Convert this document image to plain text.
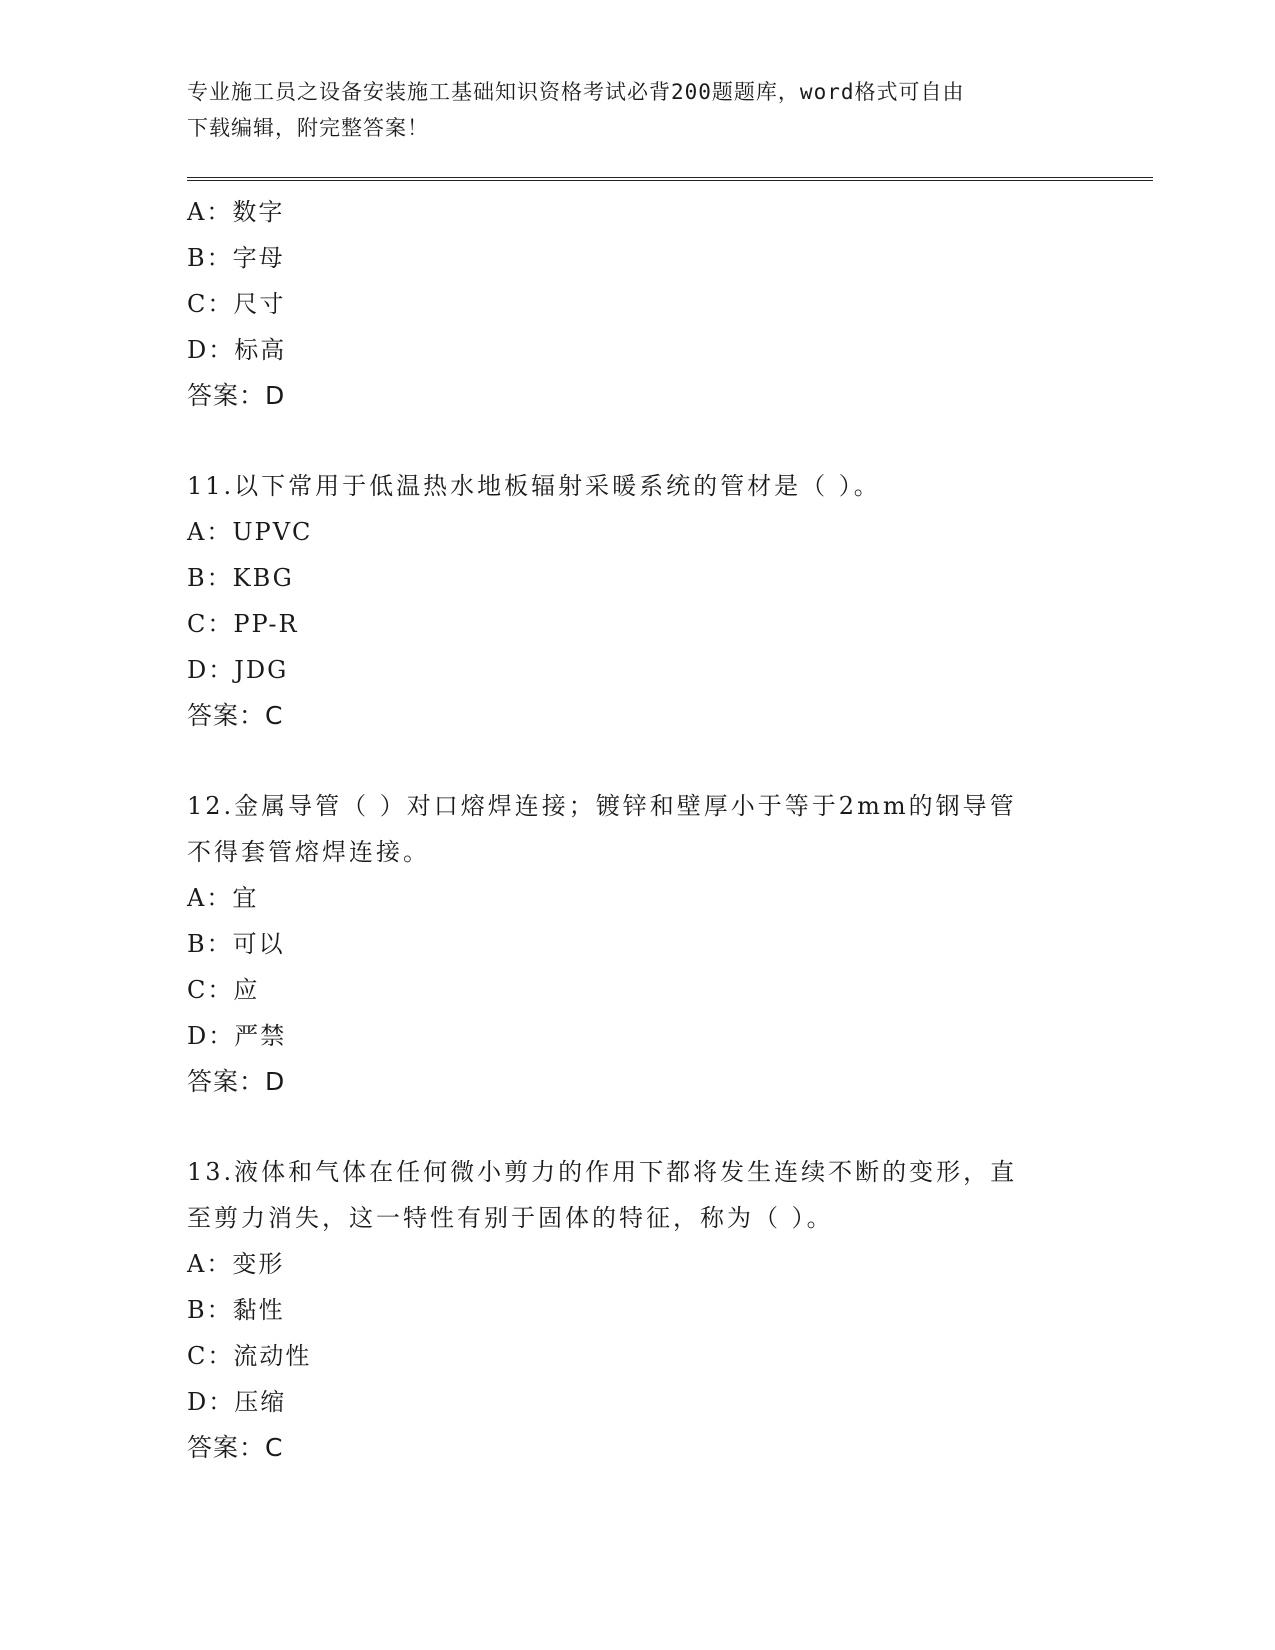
专业施工员之设备安装施工基础知识资格考试必背200题题库，word格式可自由
下载编辑，附完整答案！
A：数字
B：字母
C：尺寸
D：标高
答案：D
11.以下常用于低温热水地板辐射采暖系统的管材是（ ）。
A：UPVC
B：KBG
C：PP-R
D：JDG
答案：C
12.金属导管（ ）对口熔焊连接；镀锌和壁厚小于等于2mm的钢导管
不得套管熔焊连接。
A：宜
B：可以
C：应
D：严禁
答案：D
13.液体和气体在任何微小剪力的作用下都将发生连续不断的变形，直
至剪力消失，这一特性有别于固体的特征，称为（ ）。
A：变形
B：黏性
C：流动性
D：压缩
答案：C
